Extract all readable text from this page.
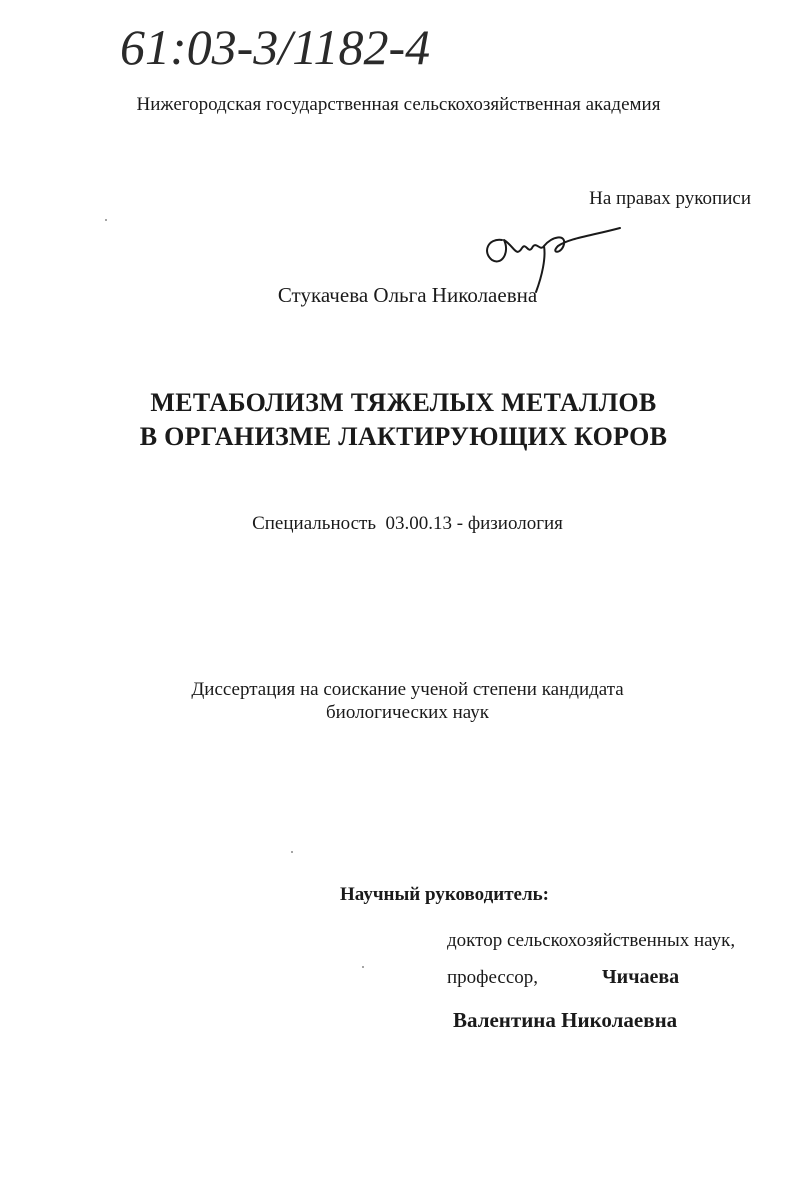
61:03-3/1182-4
Нижегородская государственная сельскохозяйственная академия
На правах рукописи
Стукачева Ольга Николаевна
МЕТАБОЛИЗМ ТЯЖЕЛЫХ МЕТАЛЛОВ
В ОРГАНИЗМЕ ЛАКТИРУЮЩИХ КОРОВ
Специальность  03.00.13 - физиология
Диссертация на соискание ученой степени кандидата
биологических наук
Научный руководитель:
доктор сельскохозяйственных наук,
профессор,	Чичаева
Валентина Николаевна
